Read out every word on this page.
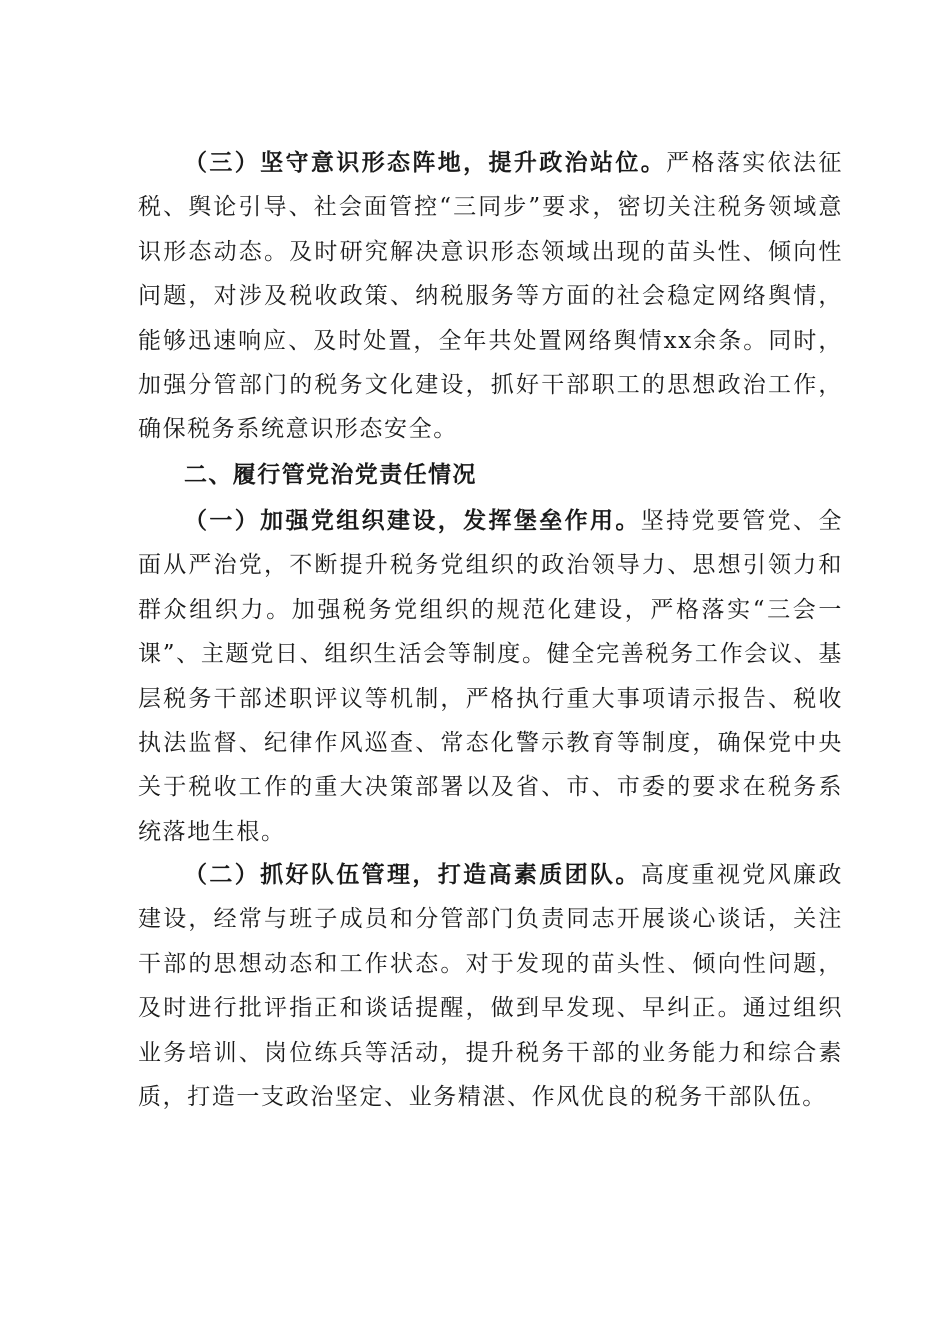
（三）坚守意识形态阵地，提升政治站位。严格落实依法征税、舆论引导、社会面管控“三同步”要求，密切关注税务领域意识形态动态。及时研究解决意识形态领域出现的苗头性、倾向性问题，对涉及税收政策、纳税服务等方面的社会稳定网络舆情，能够迅速响应、及时处置，全年共处置网络舆情xx余条。同时，加强分管部门的税务文化建设，抓好干部职工的思想政治工作，确保税务系统意识形态安全。

二、履行管党治党责任情况

（一）加强党组织建设，发挥堡垒作用。坚持党要管党、全面从严治党，不断提升税务党组织的政治领导力、思想引领力和群众组织力。加强税务党组织的规范化建设，严格落实“三会一课”、主题党日、组织生活会等制度。健全完善税务工作会议、基层税务干部述职评议等机制，严格执行重大事项请示报告、税收执法监督、纪律作风巡查、常态化警示教育等制度，确保党中央关于税收工作的重大决策部署以及省、市、市委的要求在税务系统落地生根。

（二）抓好队伍管理，打造高素质团队。高度重视党风廉政建设，经常与班子成员和分管部门负责同志开展谈心谈话，关注干部的思想动态和工作状态。对于发现的苗头性、倾向性问题，及时进行批评指正和谈话提醒，做到早发现、早纠正。通过组织业务培训、岗位练兵等活动，提升税务干部的业务能力和综合素质，打造一支政治坚定、业务精湛、作风优良的税务干部队伍。
